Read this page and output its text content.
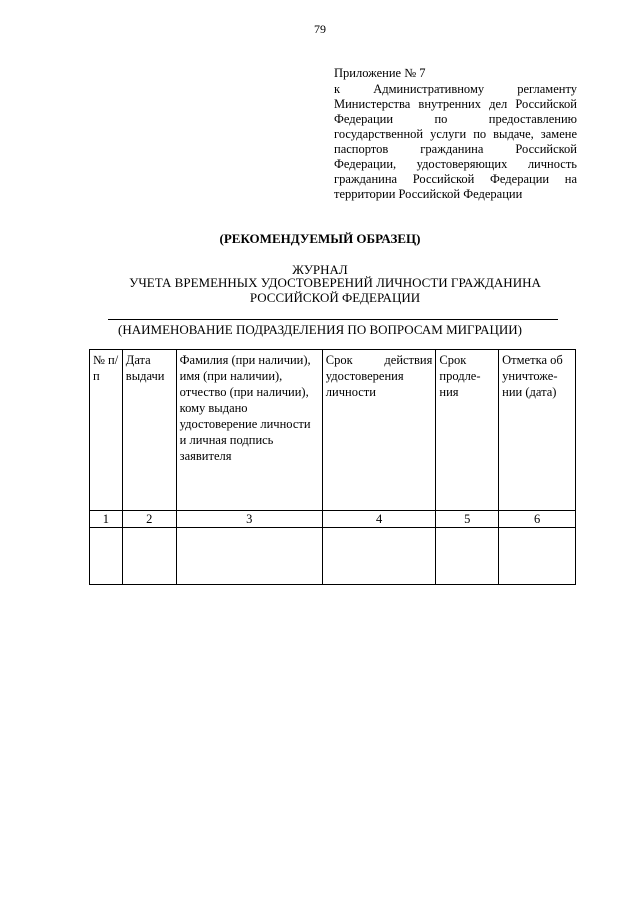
79
Приложение № 7
к Административному регламенту Министерства внутренних дел Российской Федерации по предоставлению государственной услуги по выдаче, замене паспортов гражданина Российской Федерации, удостоверяющих личность гражданина Российской Федерации на территории Российской Федерации
(РЕКОМЕНДУЕМЫЙ ОБРАЗЕЦ)
ЖУРНАЛ
УЧЕТА ВРЕМЕННЫХ УДОСТОВЕРЕНИЙ ЛИЧНОСТИ ГРАЖДАНИНА РОССИЙСКОЙ ФЕДЕРАЦИИ
(НАИМЕНОВАНИЕ ПОДРАЗДЕЛЕНИЯ ПО ВОПРОСАМ МИГРАЦИИ)
№ п/п	Дата выдачи	Фамилия (при наличии), имя (при наличии), отчество (при наличии), кому выдано удостоверение личности и личная подпись заявителя	Срок действия удостоверения личности	Срок продле-ния	Отметка об уничтоже-нии (дата)
1	2	3	4	5	6
